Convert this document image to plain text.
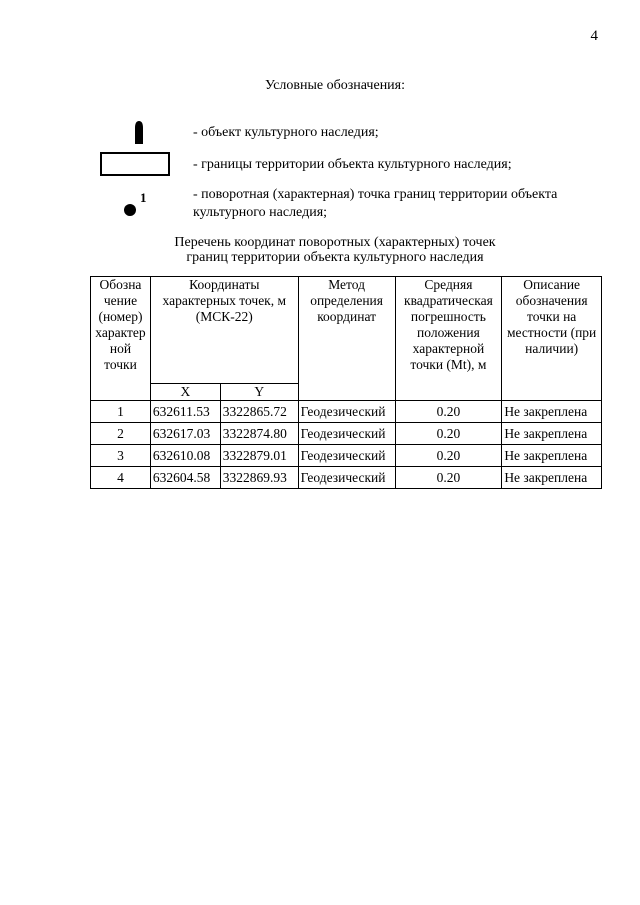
4
Условные обозначения:
- объект культурного наследия;
- границы территории объекта культурного наследия;
1	- поворотная (характерная) точка границ территории объекта культурного наследия;
Перечень координат поворотных (характерных) точек
границ территории объекта культурного наследия
Обозна чение (номер) характер ной точки	Координаты характерных точек, м (МСК-22)		Метод определения координат	Средняя квадратическая погрешность положения характерной точки (Mt), м	Описание обозначения точки на местности (при наличии)
	X	Y			
1	632611.53	3322865.72	Геодезический	0.20	Не закреплена
2	632617.03	3322874.80	Геодезический	0.20	Не закреплена
3	632610.08	3322879.01	Геодезический	0.20	Не закреплена
4	632604.58	3322869.93	Геодезический	0.20	Не закреплена
